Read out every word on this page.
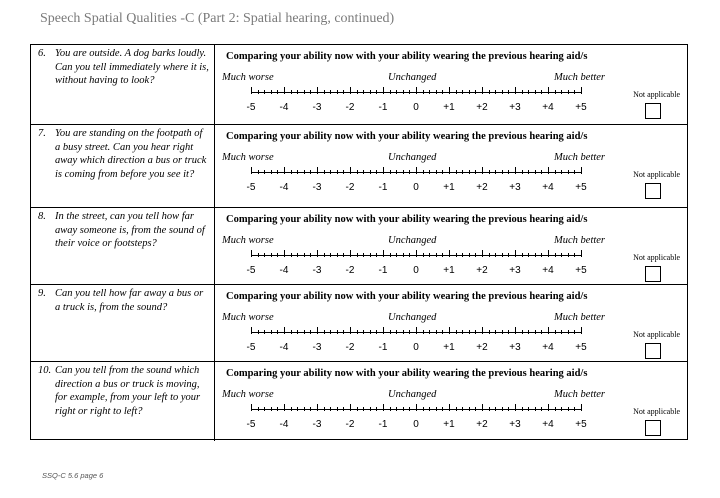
Speech Spatial Qualities -C (Part 2: Spatial hearing, continued)
6. You are outside. A dog barks loudly. Can you tell immediately where it is, without having to look?
Comparing your ability now with your ability wearing the previous hearing aid/s
Much worse	Unchanged	Much better
-5 -4 -3 -2 -1	0 +1 +2 +3 +4 +5
Not applicable
7. You are standing on the footpath of a busy street. Can you hear right away which direction a bus or truck is coming from before you see it?
Comparing your ability now with your ability wearing the previous hearing aid/s
Much worse	Unchanged	Much better
-5 -4 -3 -2 -1	0 +1 +2 +3 +4 +5
Not applicable
8. In the street, can you tell how far away someone is, from the sound of their voice or footsteps?
Comparing your ability now with your ability wearing the previous hearing aid/s
Much worse	Unchanged	Much better
-5 -4 -3 -2 -1	0 +1 +2 +3 +4 +5
Not applicable
9. Can you tell how far away a bus or a truck is, from the sound?
Comparing your ability now with your ability wearing the previous hearing aid/s
Much worse	Unchanged	Much better
-5 -4 -3 -2 -1	0 +1 +2 +3 +4 +5
Not applicable
10. Can you tell from the sound which direction a bus or truck is moving, for example, from your left to your right or right to left?
Comparing your ability now with your ability wearing the previous hearing aid/s
Much worse	Unchanged	Much better
-5 -4 -3 -2 -1	0 +1 +2 +3 +4 +5
Not applicable
SSQ-C 5.6 page 6
